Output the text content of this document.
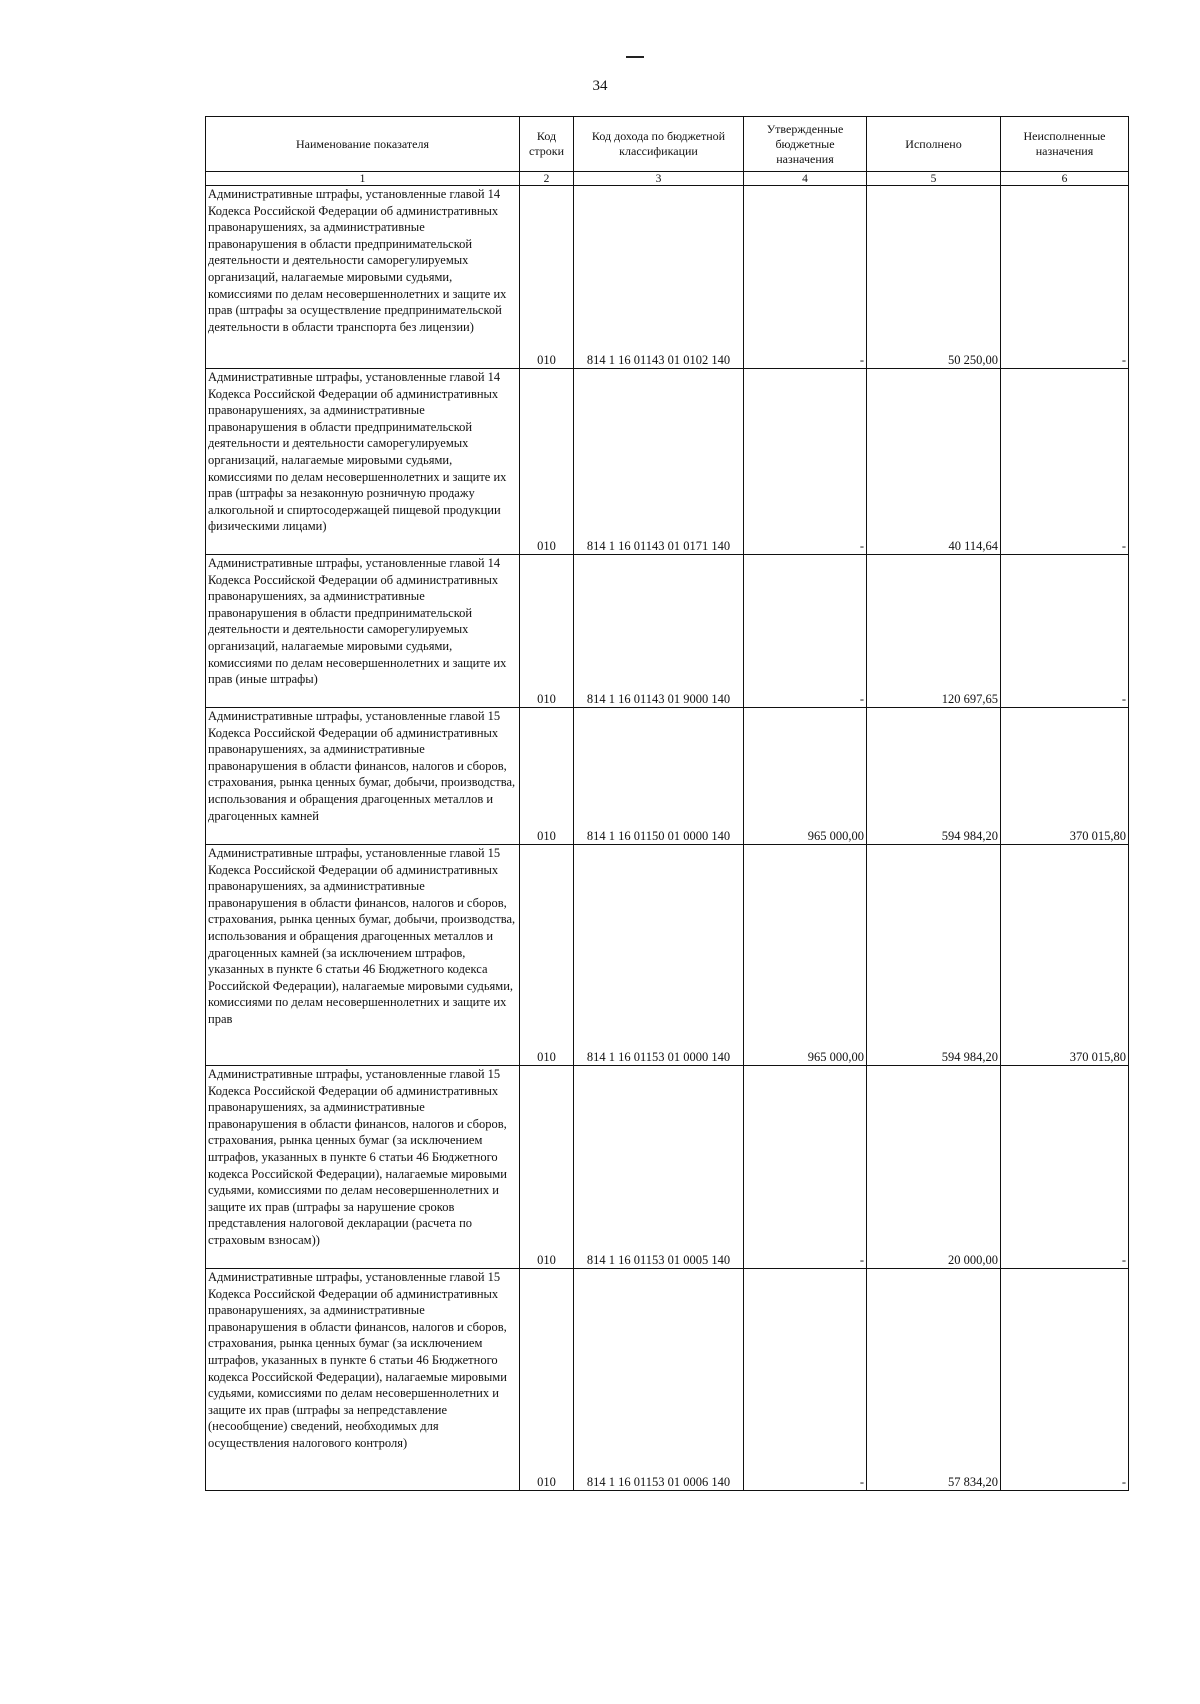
34
Наименование показателя	Код строки	Код дохода по бюджетной классификации	Утвержденные бюджетные назначения	Исполнено	Неисполненные назначения
1	2	3	4	5	6
Административные штрафы, установленные главой 14 Кодекса Российской Федерации об административных правонарушениях, за административные правонарушения в области предпринимательской деятельности и деятельности саморегулируемых организаций, налагаемые мировыми судьями, комиссиями по делам несовершеннолетних и защите их прав (штрафы за осуществление предпринимательской деятельности в области транспорта без лицензии)	010	814 1 16 01143 01 0102 140	-	50 250,00	-
Административные штрафы, установленные главой 14 Кодекса Российской Федерации об административных правонарушениях, за административные правонарушения в области предпринимательской деятельности и деятельности саморегулируемых организаций, налагаемые мировыми судьями, комиссиями по делам несовершеннолетних и защите их прав (штрафы за незаконную розничную продажу алкогольной и спиртосодержащей пищевой продукции физическими лицами)	010	814 1 16 01143 01 0171 140	-	40 114,64	-
Административные штрафы, установленные главой 14 Кодекса Российской Федерации об административных правонарушениях, за административные правонарушения в области предпринимательской деятельности и деятельности саморегулируемых организаций, налагаемые мировыми судьями, комиссиями по делам несовершеннолетних и защите их прав (иные штрафы)	010	814 1 16 01143 01 9000 140	-	120 697,65	-
Административные штрафы, установленные главой 15 Кодекса Российской Федерации об административных правонарушениях, за административные правонарушения в области финансов, налогов и сборов, страхования, рынка ценных бумаг, добычи, производства, использования и обращения драгоценных металлов и драгоценных камней	010	814 1 16 01150 01 0000 140	965 000,00	594 984,20	370 015,80
Административные штрафы, установленные главой 15 Кодекса Российской Федерации об административных правонарушениях, за административные правонарушения в области финансов, налогов и сборов, страхования, рынка ценных бумаг, добычи, производства, использования и обращения драгоценных металлов и драгоценных камней (за исключением штрафов, указанных в пункте 6 статьи 46 Бюджетного кодекса Российской Федерации), налагаемые мировыми судьями, комиссиями по делам несовершеннолетних и защите их прав	010	814 1 16 01153 01 0000 140	965 000,00	594 984,20	370 015,80
Административные штрафы, установленные главой 15 Кодекса Российской Федерации об административных правонарушениях, за административные правонарушения в области финансов, налогов и сборов, страхования, рынка ценных бумаг (за исключением штрафов, указанных в пункте 6 статьи 46 Бюджетного кодекса Российской Федерации), налагаемые мировыми судьями, комиссиями по делам несовершеннолетних и защите их прав (штрафы за нарушение сроков представления налоговой декларации (расчета по страховым взносам))	010	814 1 16 01153 01 0005 140	-	20 000,00	-
Административные штрафы, установленные главой 15 Кодекса Российской Федерации об административных правонарушениях, за административные правонарушения в области финансов, налогов и сборов, страхования, рынка ценных бумаг (за исключением штрафов, указанных в пункте 6 статьи 46 Бюджетного кодекса Российской Федерации), налагаемые мировыми судьями, комиссиями по делам несовершеннолетних и защите их прав (штрафы за непредставление (несообщение) сведений, необходимых для осуществления налогового контроля)	010	814 1 16 01153 01 0006 140	-	57 834,20	-
